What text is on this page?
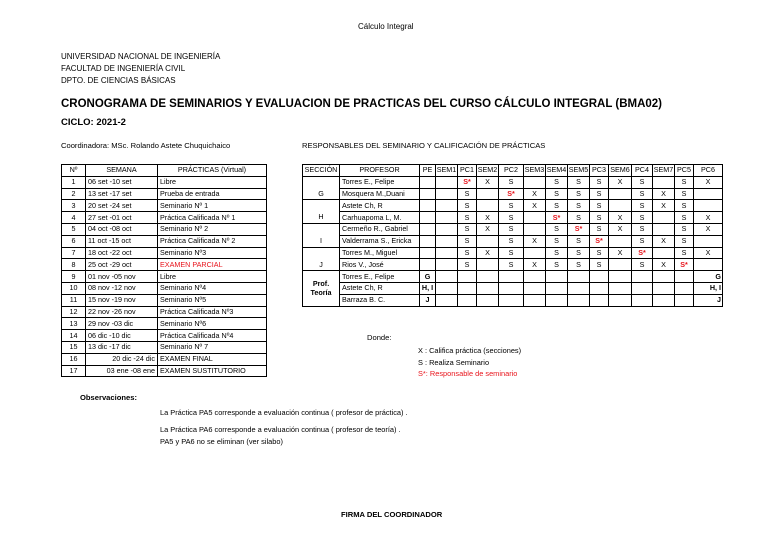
Cálculo Integral
UNIVERSIDAD NACIONAL DE INGENIERÍA
FACULTAD DE INGENIERÍA CIVIL
DPTO. DE CIENCIAS BÁSICAS
CRONOGRAMA DE SEMINARIOS Y EVALUACION DE PRACTICAS DEL CURSO CÁLCULO INTEGRAL (BMA02)
CICLO: 2021-2
Coordinadora: MSc. Rolando Astete Chuquichaico	RESPONSABLES DEL SEMINARIO Y CALIFICACIÓN DE PRÁCTICAS
Nº	SEMANA	PRÁCTICAS (Virtual)
1	06 set -10 set	Libre
2	13 set -17 set	Prueba de entrada
3	20 set -24 set	Seminario Nº 1
4	27 set -01 oct	Práctica Calificada Nº 1
5	04 oct -08 oct	Seminario Nº 2
6	11 oct -15 oct	Práctica Calificada Nº 2
7	18 oct -22 oct	Seminario Nº3
8	25 oct -29 oct	EXAMEN PARCIAL
9	01 nov -05 nov	Libre
10	08 nov -12 nov	Seminario Nº4
11	15 nov -19 nov	Seminario Nº5
12	22 nov -26 nov	Práctica Calificada Nº3
13	29 nov -03 dic	Seminario Nº6
14	06 dic -10 dic	Práctica Calificada Nº4
15	13 dic -17 dic	Seminario Nº 7
16	20 dic -24 dic	EXAMEN FINAL
17	03 ene -08 ene	EXAMEN SUSTITUTORIO
SECCIÓN	PROFESOR	PE	SEM1	PC1	SEM2	PC2	SEM3	SEM4	SEM5	PC3	SEM6	PC4	SEM7	PC5	PC6	
	Torres E., Felipe			S*	X	S		S	S	S	X	S		S	X	
G	Mosquera M.,Duani			S		S*	X	S	S	S		S	X	S		
	Astete Ch, R			S		S	X	S	S	S		S	X	S		
H	Carhuapoma L, M.			S	X	S		S*	S	S	X	S		S	X	
	Cermeño R., Gabriel			S	X	S		S	S*	S	X	S		S	X	
I	Valderrama S., Ericka			S		S	X	S	S	S*		S	X	S		
	Torres M., Miguel			S	X	S		S	S	S	X	S*		S	X	
J	Rios V., José			S		S	X	S	S	S		S	X	S*		

Prof.
Teoría	Torres E., Felipe	G													G	
	Astete Ch, R	H, I													H, I	
	Barraza B. C.	J													J	
Donde:
X : Califica práctica (secciones)
S : Realiza Seminario
S*: Responsable de seminario
Observaciones:
La Práctica PA5 corresponde a evaluación continua ( profesor de práctica) .
La Práctica PA6 corresponde a evaluación continua ( profesor de teoría) .
PA5 y PA6 no se eliminan (ver silabo)
FIRMA DEL COORDINADOR
